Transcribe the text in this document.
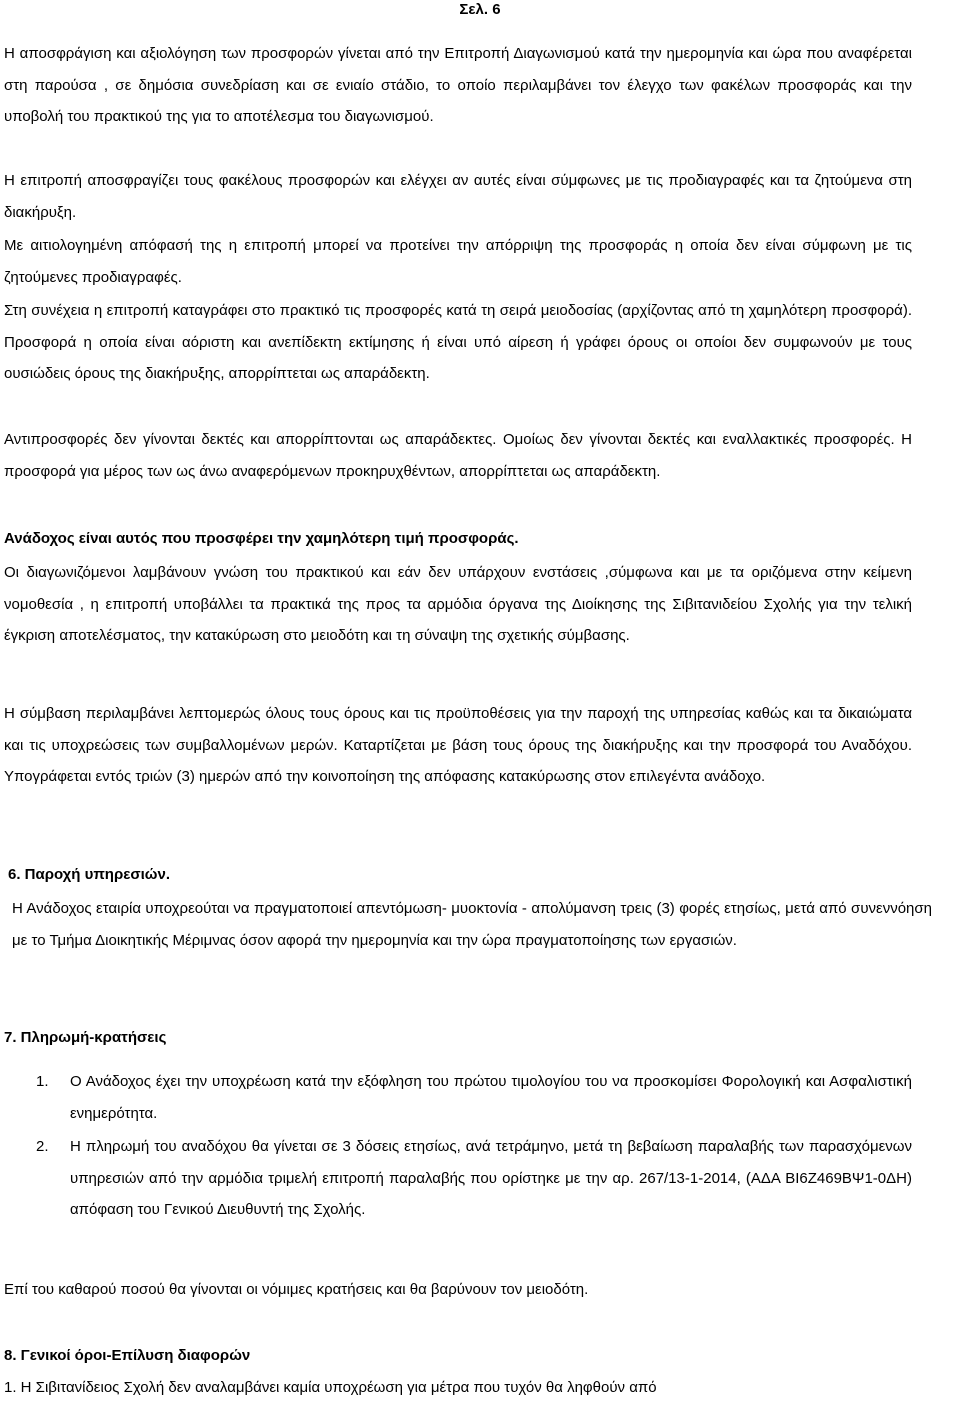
Σελ. 6

Η αποσφράγιση και αξιολόγηση των προσφορών γίνεται από την Επιτροπή Διαγωνισμού κατά την ημερομηνία και ώρα που αναφέρεται στη παρούσα , σε δημόσια συνεδρίαση και σε ενιαίο στάδιο, το οποίο περιλαμβάνει τον έλεγχο των φακέλων προσφοράς και την υποβολή του πρακτικού της για το αποτέλεσμα του διαγωνισμού.

Η επιτροπή αποσφραγίζει τους φακέλους προσφορών και ελέγχει αν αυτές είναι σύμφωνες με τις προδιαγραφές και τα ζητούμενα στη διακήρυξη.

Με αιτιολογημένη απόφασή της η επιτροπή μπορεί να προτείνει την απόρριψη της προσφοράς η οποία δεν είναι σύμφωνη με τις ζητούμενες προδιαγραφές.

Στη συνέχεια η επιτροπή καταγράφει στο πρακτικό τις προσφορές κατά τη σειρά μειοδοσίας (αρχίζοντας από τη χαμηλότερη προσφορά). Προσφορά η οποία είναι αόριστη και ανεπίδεκτη εκτίμησης ή είναι υπό αίρεση ή γράφει όρους οι οποίοι δεν συμφωνούν με τους ουσιώδεις όρους της διακήρυξης, απορρίπτεται ως απαράδεκτη.

Αντιπροσφορές δεν γίνονται δεκτές και απορρίπτονται ως απαράδεκτες. Ομοίως δεν γίνονται δεκτές και εναλλακτικές προσφορές. Η προσφορά για μέρος των ως άνω αναφερόμενων προκηρυχθέντων, απορρίπτεται ως απαράδεκτη.

Ανάδοχος είναι αυτός που προσφέρει την χαμηλότερη τιμή προσφοράς.

Οι διαγωνιζόμενοι λαμβάνουν γνώση του πρακτικού και εάν δεν υπάρχουν ενστάσεις ,σύμφωνα και με τα οριζόμενα στην κείμενη νομοθεσία , η επιτροπή υποβάλλει τα πρακτικά της προς τα αρμόδια όργανα της Διοίκησης της Σιβιτανιδείου Σχολής για την τελική έγκριση αποτελέσματος, την κατακύρωση στο μειοδότη και τη σύναψη της σχετικής σύμβασης.

Η σύμβαση περιλαμβάνει λεπτομερώς όλους τους όρους και τις προϋποθέσεις για την παροχή της υπηρεσίας καθώς και τα δικαιώματα και τις υποχρεώσεις των συμβαλλομένων μερών. Καταρτίζεται με βάση τους όρους της διακήρυξης και την προσφορά του Αναδόχου. Υπογράφεται εντός τριών (3) ημερών από την κοινοποίηση της απόφασης κατακύρωσης στον επιλεγέντα ανάδοχο.

6. Παροχή υπηρεσιών.

Η Ανάδοχος εταιρία υποχρεούται να πραγματοποιεί απεντόμωση- μυοκτονία - απολύμανση τρεις (3) φορές ετησίως, μετά από συνεννόηση με το Τμήμα Διοικητικής Μέριμνας όσον αφορά την ημερομηνία και την ώρα πραγματοποίησης των εργασιών.

7. Πληρωμή-κρατήσεις
1. Ο Ανάδοχος έχει την υποχρέωση κατά την εξόφληση του πρώτου τιμολογίου του να προσκομίσει Φορολογική και Ασφαλιστική ενημερότητα.

2. Η πληρωμή του αναδόχου θα γίνεται σε 3 δόσεις ετησίως, ανά τετράμηνο, μετά τη βεβαίωση παραλαβής των παρασχόμενων υπηρεσιών από την αρμόδια τριμελή επιτροπή παραλαβής που ορίστηκε με την αρ. 267/13-1-2014, (ΑΔΑ ΒΙ6Ζ469ΒΨ1-0ΔΗ) απόφαση του Γενικού Διευθυντή της Σχολής.

Επί του καθαρού ποσού θα γίνονται οι νόμιμες κρατήσεις και θα βαρύνουν τον μειοδότη.

8. Γενικοί όροι-Επίλυση διαφορών

1. Η Σιβιτανίδειος Σχολή δεν αναλαμβάνει καμία υποχρέωση για μέτρα που τυχόν θα ληφθούν από
